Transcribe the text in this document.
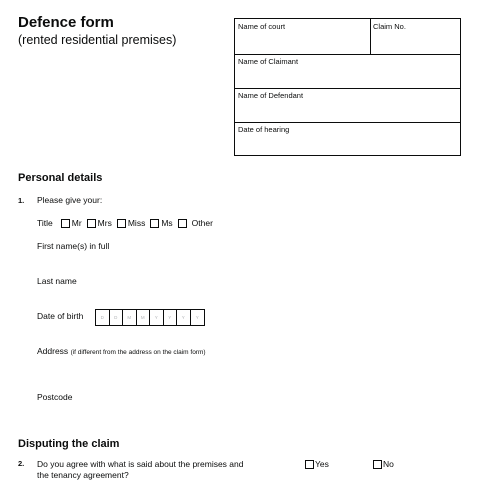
Defence form
(rented residential premises)
Name of court	Claim No.
Name of Claimant
Name of Defendant
Date of hearing
Personal details
1. Please give your:
Title Mr Mrs Miss Ms Other
First name(s) in full
Last name
Date of birth	D	D	M	M	Y	Y	Y	Y
Address (if different from the address on the claim form)
Postcode
Disputing the claim
2. Do you agree with what is said about the premises and
the tenancy agreement?
Yes	No
